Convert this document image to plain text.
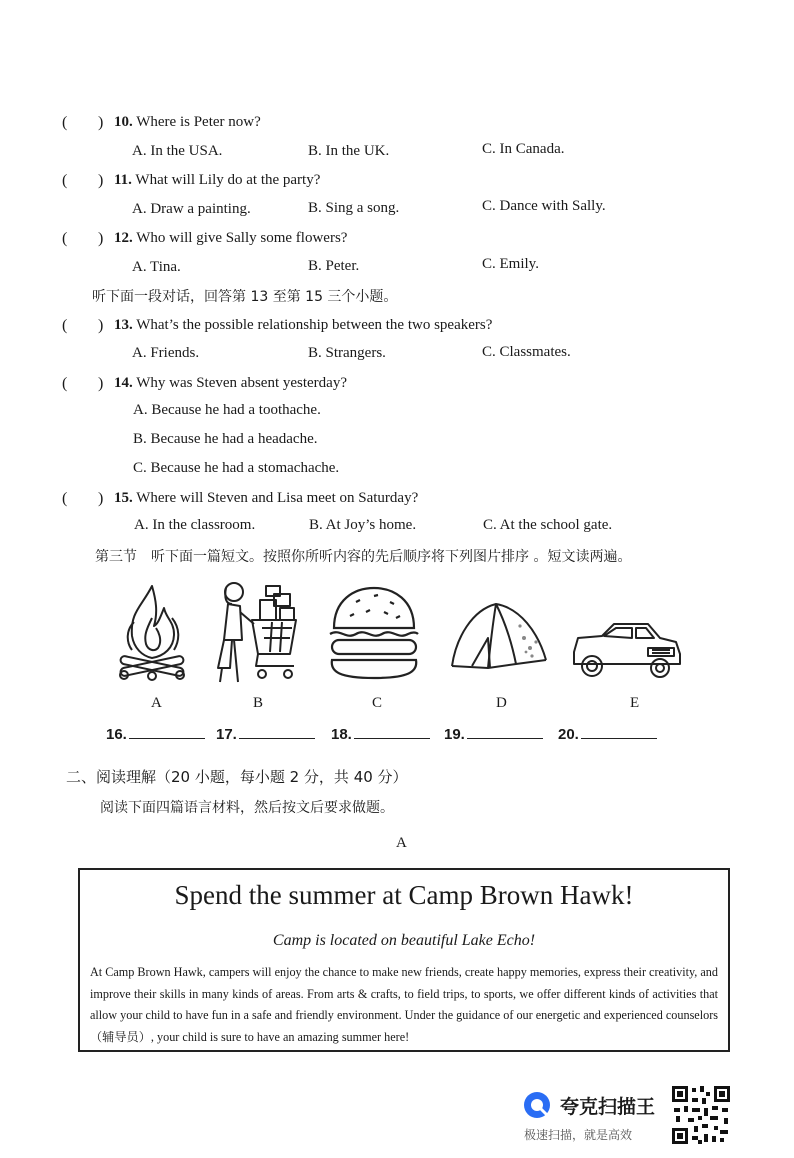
( ) 10. Where is Peter now?
A. In the USA.	B. In the UK.	C. In Canada.
( ) 11. What will Lily do at the party?
A. Draw a painting.	B. Sing a song.	C. Dance with Sally.
( ) 12. Who will give Sally some flowers?
A. Tina.	B. Peter.	C. Emily.
听下面一段对话，回答第 13 至第 15 三个小题。
( ) 13. What’s the possible relationship between the two speakers?
A. Friends.	B. Strangers.	C. Classmates.
( ) 14. Why was Steven absent yesterday?
A. Because he had a toothache.
B. Because he had a headache.
C. Because he had a stomachache.
( ) 15. Where will Steven and Lisa meet on Saturday?
A. In the classroom.	B. At Joy’s home.	C. At the school gate.
第三节　听下面一篇短文。按照你所听内容的先后顺序将下列图片排序 。短文读两遍。
A	B	C	D	E
16.	17.	18.	19.	20.
二、阅读理解（20 小题，每小题 2 分，共 40 分）
阅读下面四篇语言材料，然后按文后要求做题。
A
Spend the summer at Camp Brown Hawk!
Camp is located on beautiful Lake Echo!
At Camp Brown Hawk, campers will enjoy the chance to make new friends, create happy memories, express their creativity, and improve their skills in many kinds of areas. From arts & crafts, to field trips, to sports, we offer different kinds of activities that allow your child to have fun in a safe and friendly environment. Under the guidance of our energetic and experienced counselors（辅导员）, your child is sure to have an amazing summer here!
夸克扫描王
极速扫描，就是高效
